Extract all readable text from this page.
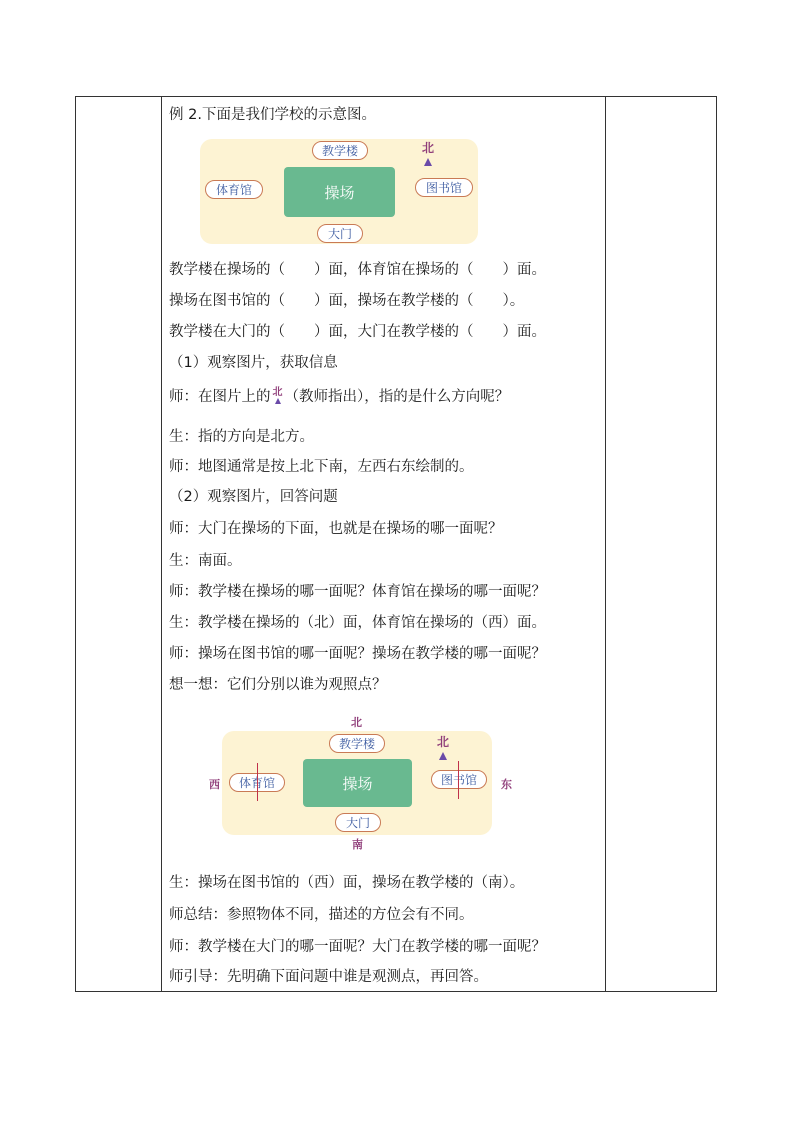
例 2.下面是我们学校的示意图。
教学楼	北
体育馆	操场	图书馆
大门
教学楼在操场的（　　）面，体育馆在操场的（　　）面。
操场在图书馆的（　　）面，操场在教学楼的（　　）。
教学楼在大门的（　　）面，大门在教学楼的（　　）面。
（1）观察图片，获取信息
师：在图片上的 北 （教师指出），指的是什么方向呢？
生：指的方向是北方。
师：地图通常是按上北下南，左西右东绘制的。
（2）观察图片，回答问题
师：大门在操场的下面，也就是在操场的哪一面呢？
生：南面。
师：教学楼在操场的哪一面呢？体育馆在操场的哪一面呢？
生：教学楼在操场的（北）面，体育馆在操场的（西）面。
师：操场在图书馆的哪一面呢？操场在教学楼的哪一面呢？
想一想：它们分别以谁为观照点？
北
教学楼	北
西	体育馆	操场	图书馆	东
大门
南
生：操场在图书馆的（西）面，操场在教学楼的（南）。
师总结：参照物体不同，描述的方位会有不同。
师：教学楼在大门的哪一面呢？大门在教学楼的哪一面呢？
师引导：先明确下面问题中谁是观测点，再回答。
